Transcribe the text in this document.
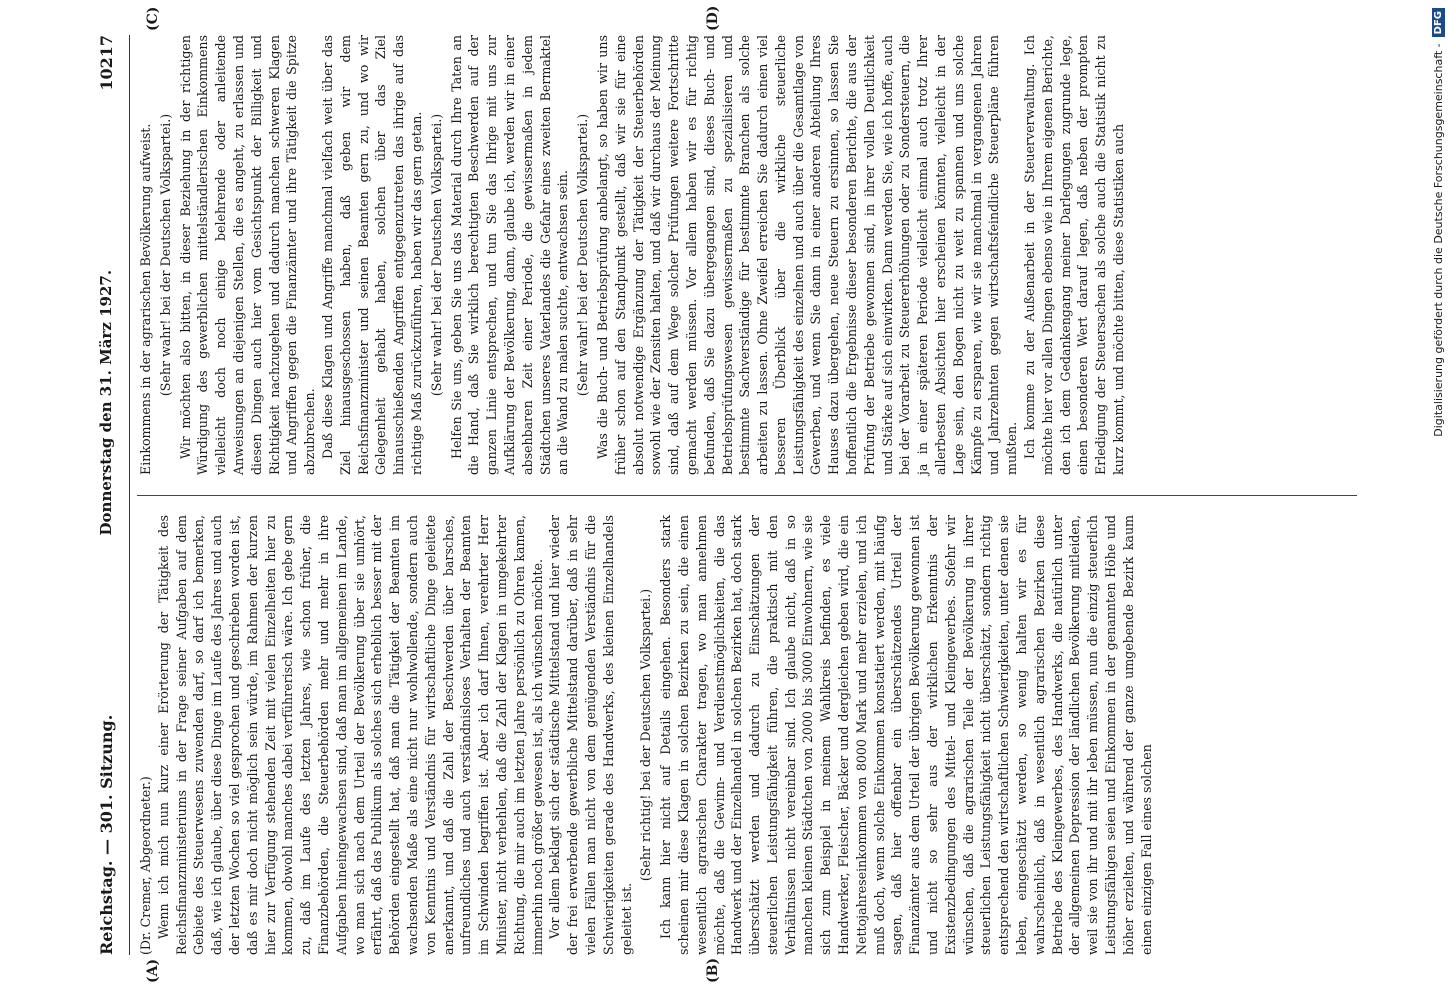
Reichstag. — 301. Sitzung.
Donnerstag den 31. März 1927.
10217
(A)	(B)
(C)	(D)

(Dr. Cremer, Abgeordneter.) Wenn ich mich nun kurz einer Erörterung der Tätigkeit des Reichsfinanzministeriums in der Frage seiner Aufgaben auf dem Gebiete des Steuerwesens zuwenden darf, so darf ich bemerken, daß, wie ich glaube, über diese Dinge im Laufe des Jahres und auch der letzten Wochen so viel gesprochen und geschrieben worden ist, daß es mir doch nicht möglich sein würde, im Rahmen der kurzen hier zur Verfügung stehenden Zeit mit vielen Einzelheiten hier zu kommen, obwohl manches dabei verführerisch wäre. Ich gebe gern zu, daß im Laufe des letzten Jahres, wie schon früher, die Finanzbehörden, die Steuerbehörden mehr und mehr in ihre Aufgaben hineingewachsen sind, daß man im allgemeinen im Lande, wo man sich nach dem Urteil der Bevölkerung über sie umhört, erfährt, daß das Publikum als solches sich erheblich besser mit der Behörden eingestellt hat, daß man die Tätigkeit der Beamten im wachsenden Maße als eine nicht nur wohlwollende, sondern auch von Kenntnis und Verständnis für wirtschaftliche Dinge geleitete anerkannt, und daß die Zahl der Beschwerden über barsches, unfreundliches und auch verständnisloses Verhalten der Beamten im Schwinden begriffen ist. Aber ich darf Ihnen, verehrter Herr Minister, nicht verhehlen, daß die Zahl der Klagen in umgekehrter Richtung, die mir auch im letzten Jahre persönlich zu Ohren kamen, immerhin noch größer gewesen ist, als ich wünschen möchte. Vor allem beklagt sich der städtische Mittelstand und hier wieder der frei erwerbende gewerbliche Mittelstand darüber, daß in sehr vielen Fällen man nicht von dem genügenden Verständnis für die Schwierigkeiten gerade des Handwerks, des kleinen Einzelhandels geleitet ist.

(Sehr richtig! bei der Deutschen Volkspartei.) Ich kann hier nicht auf Details eingehen. Besonders stark scheinen mir diese Klagen in solchen Bezirken zu sein, die einen wesentlich agrarischen Charakter tragen, wo man annehmen möchte, daß die Gewinn- und Verdienstmöglichkeiten, die das Handwerk und der Einzelhandel in solchen Bezirken hat, doch stark überschätzt werden und dadurch zu Einschätzungen der steuerlichen Leistungsfähigkeit führen, die praktisch mit den Verhältnissen nicht vereinbar sind. Ich glaube nicht, daß in so manchen kleinen Städtchen von 2000 bis 3000 Einwohnern, wie sie sich zum Beispiel in meinem Wahlkreis befinden, es viele Handwerker, Fleischer, Bäcker und dergleichen geben wird, die ein Nettojahreseinkommen von 8000 Mark und mehr erzielen, und ich muß doch, wenn solche Einkommen konstatiert werden, mit häufig sagen, daß hier offenbar ein überschätzendes Urteil der Finanzämter aus dem Urteil der übrigen Bevölkerung gewonnen ist und nicht so sehr aus der wirklichen Erkenntnis der Existenzbedingungen des Mittel- und Kleingewerbes. Sofehr wir wünschen, daß die agrarischen Teile der Bevölkerung in ihrer steuerlichen Leistungsfähigkeit nicht überschätzt, sondern richtig entsprechend den wirtschaftlichen Schwierigkeiten, unter denen sie leben, eingeschätzt werden, so wenig halten wir es für wahrscheinlich, daß in wesentlich agrarischen Bezirken diese Betriebe des Kleingewerbes, des Handwerks, die natürlich unter der allgemeinen Depression der ländlichen Bevölkerung mitleiden, weil sie von ihr und mit ihr leben müssen, nun die einzig steuerlich Leistungsfähigen seien und Einkommen in der genannten Höhe und höher erzielten, und während der ganze umgebende Bezirk kaum einen einzigen Fall eines solchen

Einkommens in der agrarischen Bevölkerung aufweist. (Sehr wahr! bei der Deutschen Volkspartei.) Wir möchten also bitten, in dieser Beziehung in der richtigen Würdigung des gewerblichen mittelständlerischen Einkommens vielleicht doch noch einige belehrende oder anleitende Anweisungen an diejenigen Stellen, die es angeht, zu erlassen und diesen Dingen auch hier vom Gesichtspunkt der Billigkeit und Richtigkeit nachzugehen und dadurch manchen schweren Klagen und Angriffen gegen die Finanzämter und ihre Tätigkeit die Spitze abzubrechen. Daß diese Klagen und Angriffe manchmal vielfach weit über das Ziel hinausgeschossen haben, daß geben wir dem Reichsfinanzminister und seinen Beamten gern zu, und wo wir Gelegenheit gehabt haben, solchen über das Ziel hinausschießenden Angriffen entgegenzutreten das ihrige auf das richtige Maß zurückzuführen, haben wir das gern getan. (Sehr wahr! bei der Deutschen Volkspartei.) Helfen Sie uns, geben Sie uns das Material durch Ihre Taten an die Hand, daß Sie wirklich berechtigten Beschwerden auf der ganzen Linie entsprechen, und tun Sie das Ihrige mit uns zur Aufklärung der Bevölkerung, dann, glaube ich, werden wir in einer absehbaren Zeit einer Periode, die gewissermaßen in jedem Städtchen unseres Vaterlandes die Gefahr eines zweiten Bermaktel an die Wand zu malen suchte, entwachsen sein. (Sehr wahr! bei der Deutschen Volkspartei.) Was die Buch- und Betriebsprüfung anbelangt, so haben wir uns früher schon auf den Standpunkt gestellt, daß wir sie für eine absolut notwendige Ergänzung der Tätigkeit der Steuerbehörden sowohl wie der Zensiten halten, und daß wir durchaus der Meinung sind, daß auf dem Wege solcher Prüfungen weitere Fortschritte gemacht werden müssen. Vor allem haben wir es für richtig befunden, daß Sie dazu übergegangen sind, dieses Buch- und Betriebsprüfungswesen gewissermaßen zu spezialisieren und bestimmte Sachverständige für bestimmte Branchen als solche arbeiten zu lassen. Ohne Zweifel erreichen Sie dadurch einen viel besseren Überblick über die wirkliche steuerliche Leistungsfähigkeit des einzelnen und auch über die Gesamtlage von Gewerben, und wenn Sie dann in einer anderen Abteilung Ihres Hauses dazu übergehen, neue Steuern zu ersinnen, so lassen Sie hoffentlich die Ergebnisse dieser besonderen Berichte, die aus der Prüfung der Betriebe gewonnen sind, in ihrer vollen Deutlichkeit und Stärke auf sich einwirken. Dann werden Sie, wie ich hoffe, auch bei der Vorarbeit zu Steuererhöhungen oder zu Sondersteuern, die ja in einer späteren Periode vielleicht einmal auch trotz Ihrer allerbesten Absichten hier erscheinen könnten, vielleicht in der Lage sein, den Bogen nicht zu weit zu spannen und uns solche Kämpfe zu ersparen, wie wir sie manchmal in vergangenen Jahren und Jahrzehnten gegen wirtschaftsfeindliche Steuerpläne führen mußten. Ich komme zu der Außenarbeit in der Steuerverwaltung. Ich möchte hier vor allen Dingen ebenso wie in Ihrem eigenen Berichte, den ich dem Gedankengang meiner Darlegungen zugrunde lege, einen besonderen Wert darauf legen, daß neben der prompten Erledigung der Steuersachen als solche auch die Statistik nicht zu kurz kommt, und möchte bitten, diese Statistiken auch	Digitalisierung gefördert durch die Deutsche Forschungsgemeinschaft -
DFG
